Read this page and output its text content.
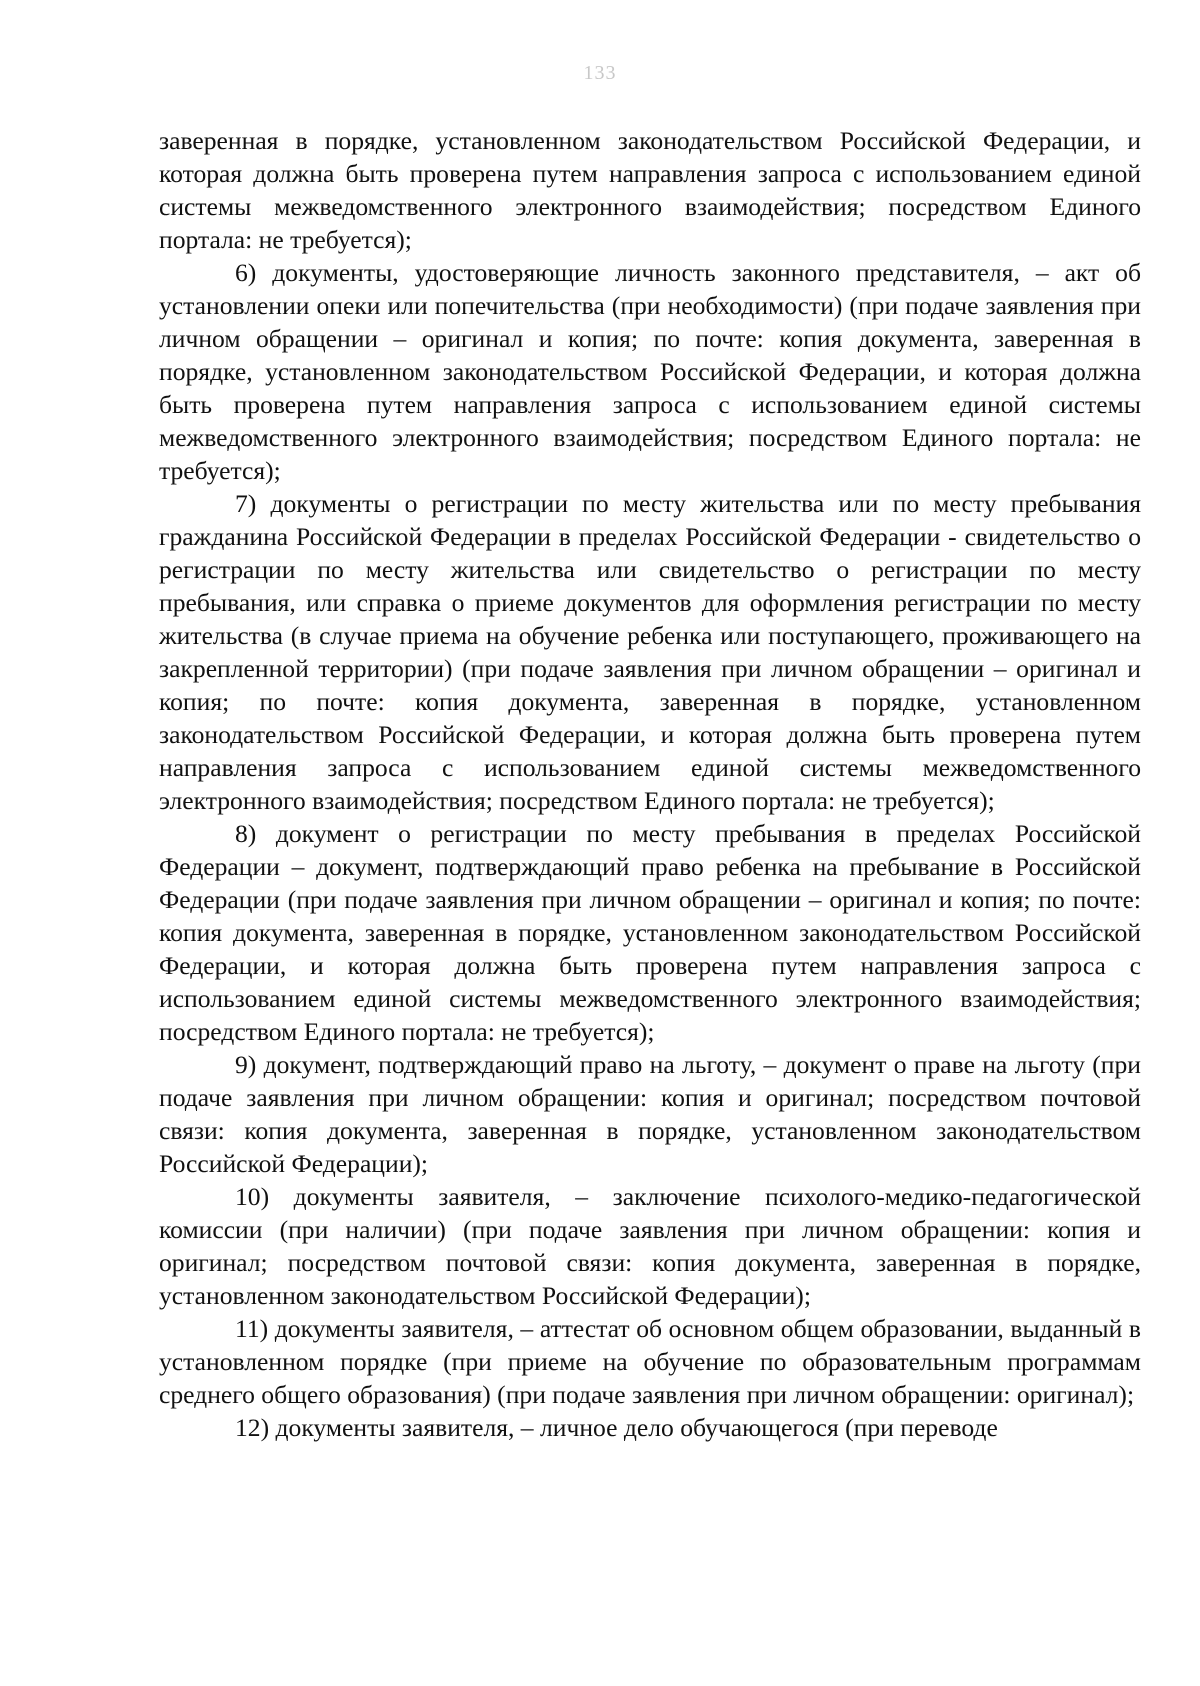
133

заверенная в порядке, установленном законодательством Российской Федерации, и которая должна быть проверена путем направления запроса с использованием единой системы межведомственного электронного взаимодействия; посредством Единого портала: не требуется);

6) документы, удостоверяющие личность законного представителя, – акт об установлении опеки или попечительства (при необходимости) (при подаче заявления при личном обращении – оригинал и копия; по почте: копия документа, заверенная в порядке, установленном законодательством Российской Федерации, и которая должна быть проверена путем направления запроса с использованием единой системы межведомственного электронного взаимодействия; посредством Единого портала: не требуется);

7) документы о регистрации по месту жительства или по месту пребывания гражданина Российской Федерации в пределах Российской Федерации - свидетельство о регистрации по месту жительства или свидетельство о регистрации по месту пребывания, или справка о приеме документов для оформления регистрации по месту жительства (в случае приема на обучение ребенка или поступающего, проживающего на закрепленной территории) (при подаче заявления при личном обращении – оригинал и копия; по почте: копия документа, заверенная в порядке, установленном законодательством Российской Федерации, и которая должна быть проверена путем направления запроса с использованием единой системы межведомственного электронного взаимодействия; посредством Единого портала: не требуется);

8) документ о регистрации по месту пребывания в пределах Российской Федерации – документ, подтверждающий право ребенка на пребывание в Российской Федерации (при подаче заявления при личном обращении – оригинал и копия; по почте: копия документа, заверенная в порядке, установленном законодательством Российской Федерации, и которая должна быть проверена путем направления запроса с использованием единой системы межведомственного электронного взаимодействия; посредством Единого портала: не требуется);

9) документ, подтверждающий право на льготу, – документ о праве на льготу (при подаче заявления при личном обращении: копия и оригинал; посредством почтовой связи: копия документа, заверенная в порядке, установленном законодательством Российской Федерации);

10) документы заявителя, – заключение психолого-медико-педагогической комиссии (при наличии) (при подаче заявления при личном обращении: копия и оригинал; посредством почтовой связи: копия документа, заверенная в порядке, установленном законодательством Российской Федерации);

11) документы заявителя, – аттестат об основном общем образовании, выданный в установленном порядке (при приеме на обучение по образовательным программам среднего общего образования) (при подаче заявления при личном обращении: оригинал);

12) документы заявителя, – личное дело обучающегося (при переводе
